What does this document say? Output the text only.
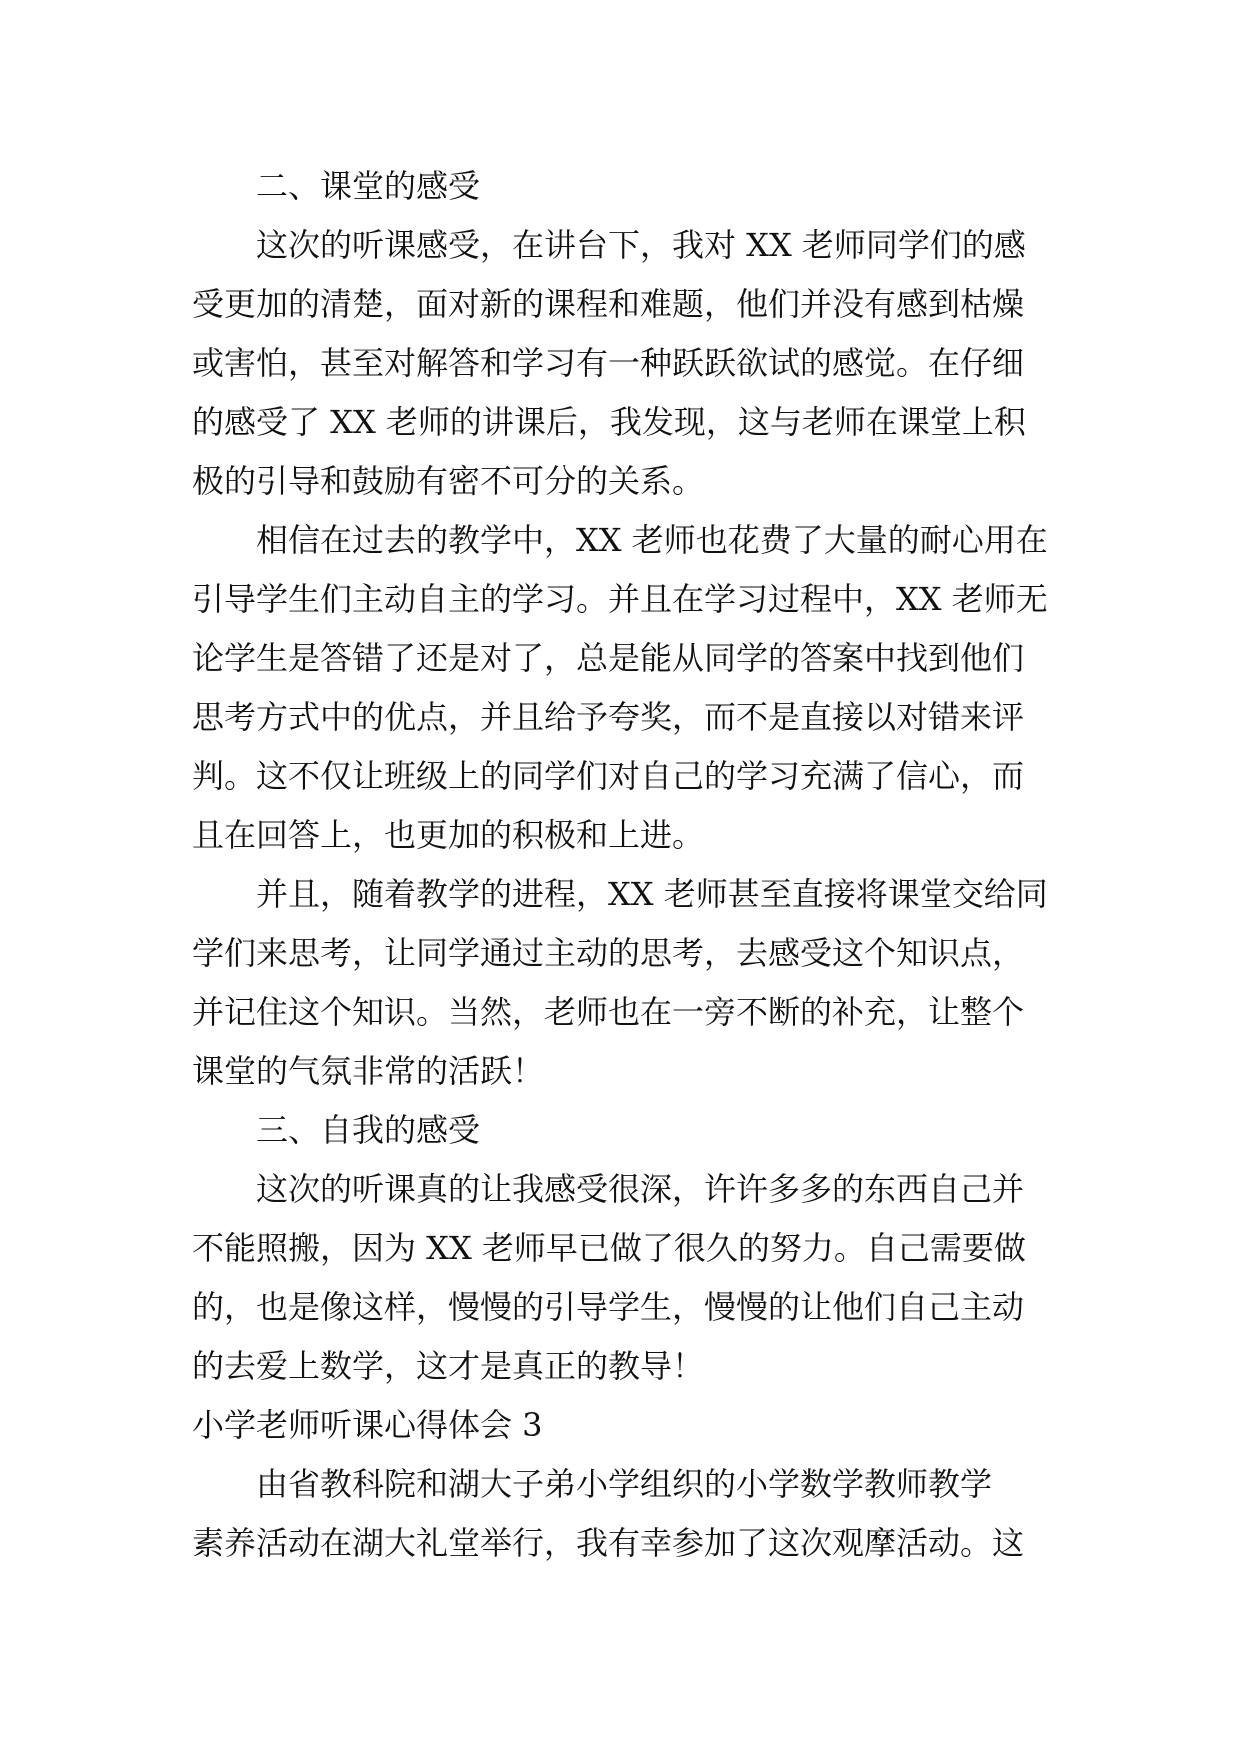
二、课堂的感受

这次的听课感受，在讲台下，我对 XX 老师同学们的感

受更加的清楚，面对新的课程和难题，他们并没有感到枯燥

或害怕，甚至对解答和学习有一种跃跃欲试的感觉。在仔细

的感受了 XX 老师的讲课后，我发现，这与老师在课堂上积

极的引导和鼓励有密不可分的关系。

相信在过去的教学中，XX 老师也花费了大量的耐心用在

引导学生们主动自主的学习。并且在学习过程中，XX 老师无

论学生是答错了还是对了，总是能从同学的答案中找到他们

思考方式中的优点，并且给予夸奖，而不是直接以对错来评

判。这不仅让班级上的同学们对自己的学习充满了信心，而

且在回答上，也更加的积极和上进。

并且，随着教学的进程，XX 老师甚至直接将课堂交给同

学们来思考，让同学通过主动的思考，去感受这个知识点，

并记住这个知识。当然，老师也在一旁不断的补充，让整个

课堂的气氛非常的活跃！

三、自我的感受

这次的听课真的让我感受很深，许许多多的东西自己并

不能照搬，因为 XX 老师早已做了很久的努力。自己需要做

的，也是像这样，慢慢的引导学生，慢慢的让他们自己主动

的去爱上数学，这才是真正的教导！

小学老师听课心得体会 3

由省教科院和湖大子弟小学组织的小学数学教师教学

素养活动在湖大礼堂举行，我有幸参加了这次观摩活动。这
